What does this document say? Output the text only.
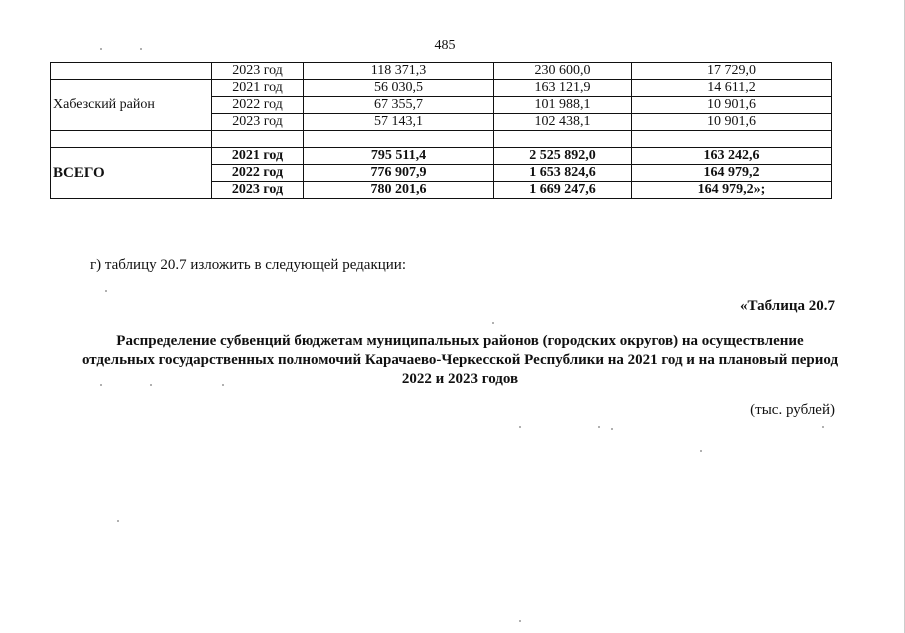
485
	2023 год	118 371,3	230 600,0	17 729,0
Хабезский район	2021 год	56 030,5	163 121,9	14 611,2
	2022 год	67 355,7	101 988,1	10 901,6
	2023 год	57 143,1	102 438,1	10 901,6

ВСЕГО	2021 год	795 511,4	2 525 892,0	163 242,6
	2022 год	776 907,9	1 653 824,6	164 979,2
	2023 год	780 201,6	1 669 247,6	164 979,2»;
г) таблицу 20.7 изложить в следующей редакции:
«Таблица 20.7
Распределение субвенций бюджетам муниципальных районов (городских округов) на осуществление
отдельных государственных полномочий Карачаево-Черкесской Республики на 2021 год и на плановый период
2022 и 2023 годов
(тыс. рублей)
